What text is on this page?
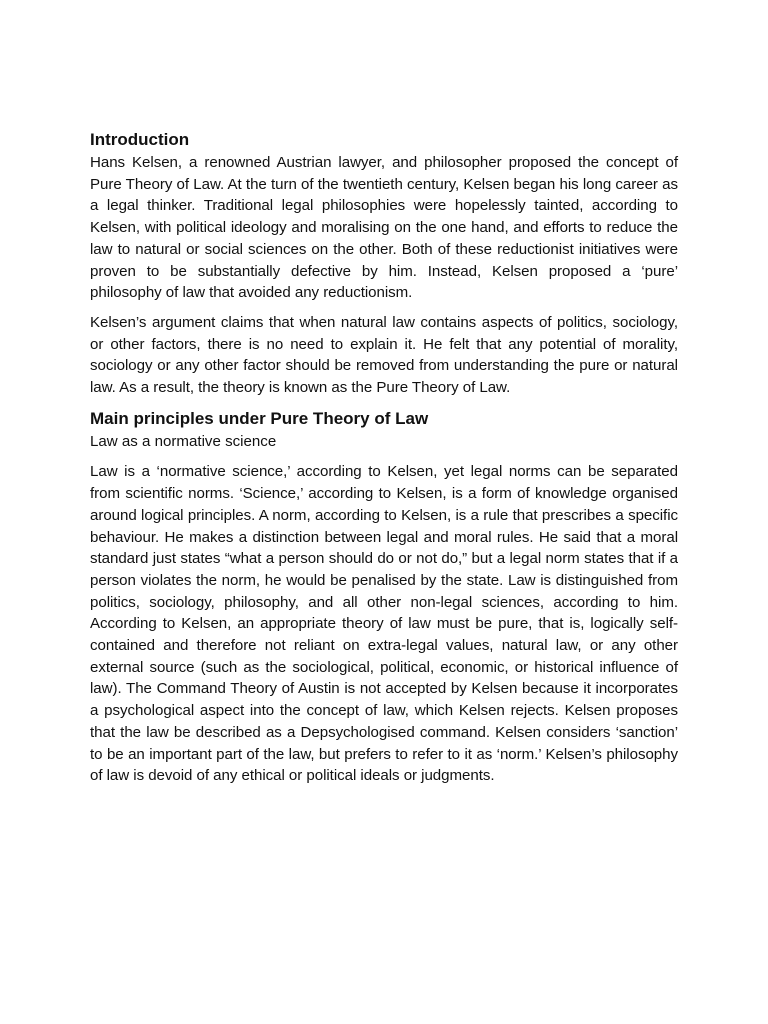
Introduction

Hans Kelsen, a renowned Austrian lawyer, and philosopher proposed the concept of Pure Theory of Law. At the turn of the twentieth century, Kelsen began his long career as a legal thinker. Traditional legal philosophies were hopelessly tainted, according to Kelsen, with political ideology and moralising on the one hand, and efforts to reduce the law to natural or social sciences on the other. Both of these reductionist initiatives were proven to be substantially defective by him. Instead, Kelsen proposed a ‘pure’ philosophy of law that avoided any reductionism.

Kelsen’s argument claims that when natural law contains aspects of politics, sociology, or other factors, there is no need to explain it. He felt that any potential of morality, sociology or any other factor should be removed from understanding the pure or natural law. As a result, the theory is known as the Pure Theory of Law.

Main principles under Pure Theory of Law

Law as a normative science

Law is a ‘normative science,’ according to Kelsen, yet legal norms can be separated from scientific norms. ‘Science,’ according to Kelsen, is a form of knowledge organised around logical principles. A norm, according to Kelsen, is a rule that prescribes a specific behaviour. He makes a distinction between legal and moral rules. He said that a moral standard just states “what a person should do or not do,” but a legal norm states that if a person violates the norm, he would be penalised by the state. Law is distinguished from politics, sociology, philosophy, and all other non-legal sciences, according to him. According to Kelsen, an appropriate theory of law must be pure, that is, logically self-contained and therefore not reliant on extra-legal values, natural law, or any other external source (such as the sociological, political, economic, or historical influence of law). The Command Theory of Austin is not accepted by Kelsen because it incorporates a psychological aspect into the concept of law, which Kelsen rejects. Kelsen proposes that the law be described as a Depsychologised command. Kelsen considers ‘sanction’ to be an important part of the law, but prefers to refer to it as ‘norm.’ Kelsen’s philosophy of law is devoid of any ethical or political ideals or judgments.
